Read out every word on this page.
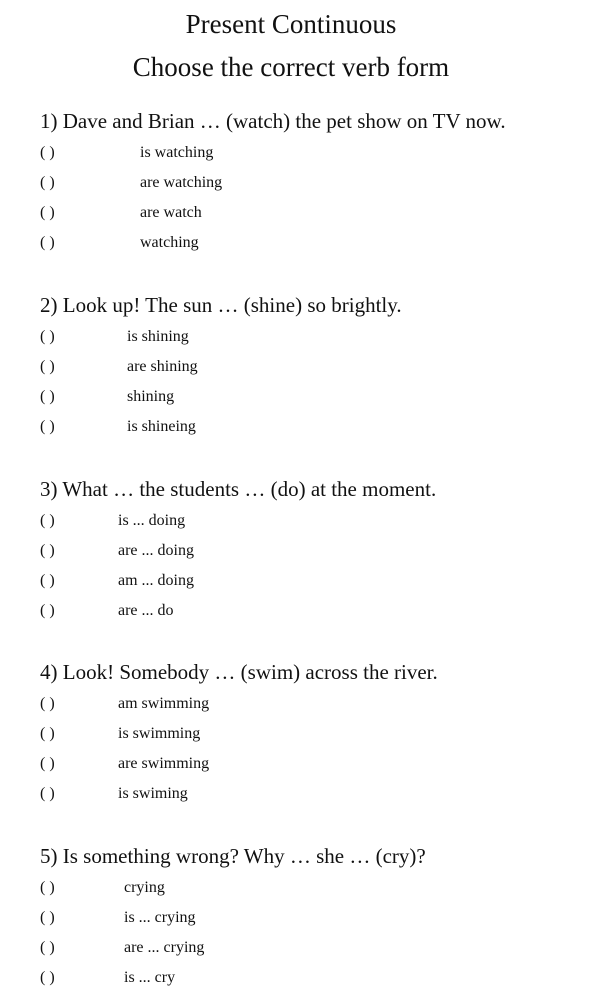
Present Continuous
Choose the correct verb form
1) Dave and Brian … (watch) the pet show on TV now.
( )	is watching
( )	are watching
( )	are watch
( )	watching
2) Look up! The sun … (shine) so brightly.
( )	is shining
( )	are shining
( )	shining
( )	is shineing
3) What … the students … (do) at the moment.
( )	is ... doing
( )	are ... doing
( )	am ... doing
( )	are ... do
4) Look! Somebody … (swim) across the river.
( )	am swimming
( )	is swimming
( )	are swimming
( )	is swiming
5) Is something wrong? Why … she … (cry)?
( )	crying
( )	is ... crying
( )	are ... crying
( )	is ... cry
